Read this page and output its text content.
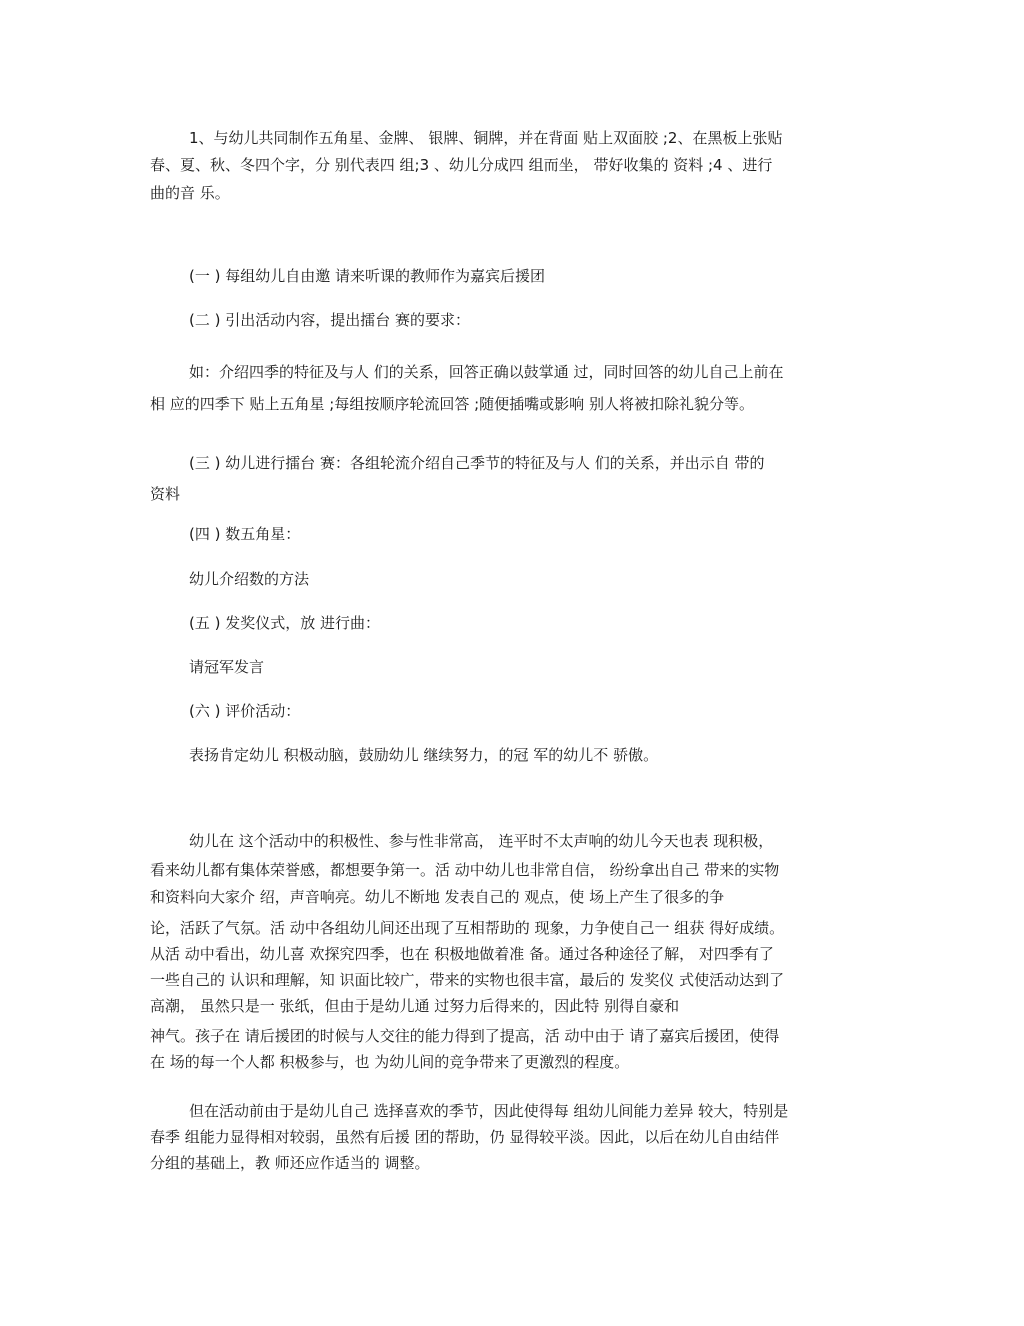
1、与幼儿共同制作五角星、金牌、 银牌、铜牌，并在背面 贴上双面胶 ;2、在黑板上张贴
春、夏、秋、冬四个字，分 别代表四 组;3 、幼儿分成四 组而坐， 带好收集的 资料 ;4 、进行
曲的音 乐。
(一 ) 每组幼儿自由邀 请来听课的教师作为嘉宾后援团
(二 ) 引出活动内容，提出擂台 赛的要求：
如：介绍四季的特征及与人 们的关系，回答正确以鼓掌通 过，同时回答的幼儿自己上前在
相 应的四季下 贴上五角星 ;每组按顺序轮流回答 ;随便插嘴或影响 别人将被扣除礼貌分等。
(三 ) 幼儿进行擂台 赛：各组轮流介绍自己季节的特征及与人 们的关系，并出示自 带的
资料
(四 ) 数五角星：
幼儿介绍数的方法
(五 ) 发奖仪式，放 进行曲：
请冠军发言
(六 ) 评价活动：
表扬肯定幼儿 积极动脑，鼓励幼儿 继续努力，的冠 军的幼儿不 骄傲。
幼儿在 这个活动中的积极性、参与性非常高， 连平时不太声响的幼儿今天也表 现积极，
看来幼儿都有集体荣誉感，都想要争第一。活 动中幼儿也非常自信， 纷纷拿出自己 带来的实物
和资料向大家介 绍，声音响亮。幼儿不断地 发表自己的 观点，使 场上产生了很多的争
论，活跃了气氛。活 动中各组幼儿间还出现了互相帮助的 现象，力争使自己一 组获 得好成绩。
从活 动中看出，幼儿喜 欢探究四季，也在 积极地做着准 备。通过各种途径了解， 对四季有了
一些自己的 认识和理解，知 识面比较广，带来的实物也很丰富，最后的 发奖仪 式使活动达到了
高潮， 虽然只是一 张纸，但由于是幼儿通 过努力后得来的，因此特 别得自豪和
神气。孩子在 请后援团的时候与人交往的能力得到了提高，活 动中由于 请了嘉宾后援团，使得
在 场的每一个人都 积极参与，也 为幼儿间的竞争带来了更激烈的程度。
但在活动前由于是幼儿自己 选择喜欢的季节，因此使得每 组幼儿间能力差异 较大，特别是
春季 组能力显得相对较弱，虽然有后援 团的帮助，仍 显得较平淡。因此，以后在幼儿自由结伴
分组的基础上，教 师还应作适当的 调整。
